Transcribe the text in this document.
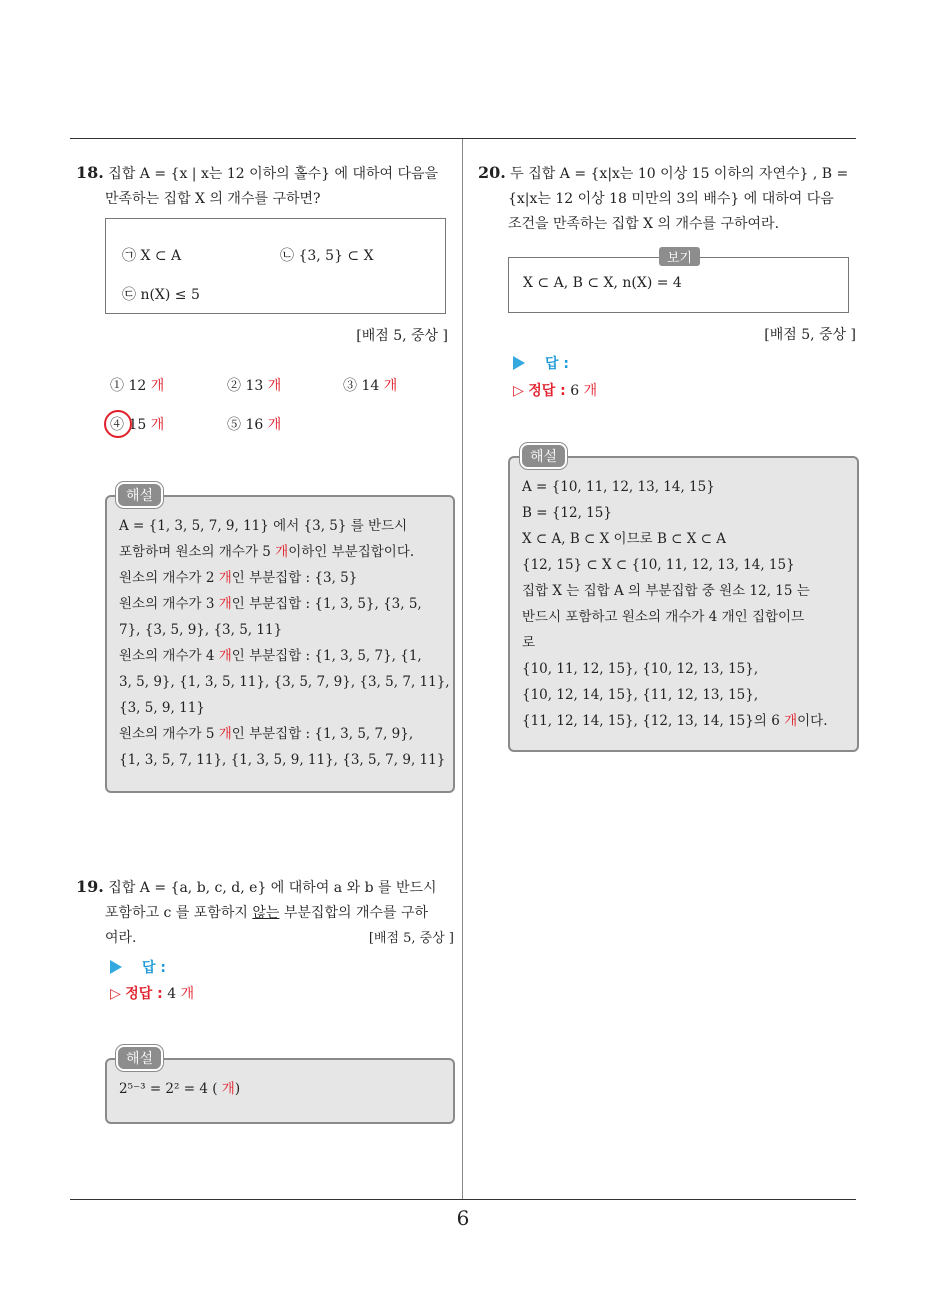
6

18. 집합 A = {x | x는 12 이하의 홀수} 에 대하여 다음을

만족하는 집합 X 의 개수를 구하면?

㉠ X ⊂ A	㉡ {3, 5} ⊂ X
㉢ n(X) ≤ 5
[배점 5, 중상 ]
① 12 개	② 13 개	③ 14 개
④ 15 개	⑤ 16 개
A = {1, 3, 5, 7, 9, 11} 에서 {3, 5} 를 반드시
포함하며 원소의 개수가 5 개이하인 부분집합이다.
원소의 개수가 2 개인 부분집합 : {3, 5}
원소의 개수가 3 개인 부분집합 : {1, 3, 5}, {3, 5,
7}, {3, 5, 9}, {3, 5, 11}
원소의 개수가 4 개인 부분집합 : {1, 3, 5, 7}, {1,
3, 5, 9}, {1, 3, 5, 11}, {3, 5, 7, 9}, {3, 5, 7, 11},
{3, 5, 9, 11}
원소의 개수가 5 개인 부분집합 : {1, 3, 5, 7, 9},
{1, 3, 5, 7, 11}, {1, 3, 5, 9, 11}, {3, 5, 7, 9, 11}
해설

19. 집합 A = {a, b, c, d, e} 에 대하여 a 와 b 를 반드시

포함하고 c 를 포함하지 않는 부분집합의 개수를 구하

여라.	[배점 5, 중상 ]

답 :
▷ 정답 : 4 개
2⁵⁻³ = 2² = 4 ( 개)
해설

20. 두 집합 A = {x|x는 10 이상 15 이하의 자연수} , B =

{x|x는 12 이상 18 미만의 3의 배수} 에 대하여 다음

조건을 만족하는 집합 X 의 개수를 구하여라.

X ⊂ A, B ⊂ X, n(X) = 4
보기
[배점 5, 중상 ]
답 :
▷ 정답 : 6 개
A = {10, 11, 12, 13, 14, 15}
B = {12, 15}
X ⊂ A, B ⊂ X 이므로 B ⊂ X ⊂ A
{12, 15} ⊂ X ⊂ {10, 11, 12, 13, 14, 15}
집합 X 는 집합 A 의 부분집합 중 원소 12, 15 는
반드시 포함하고 원소의 개수가 4 개인 집합이므
로
{10, 11, 12, 15}, {10, 12, 13, 15},
{10, 12, 14, 15}, {11, 12, 13, 15},
{11, 12, 14, 15}, {12, 13, 14, 15}의 6 개이다.
해설
